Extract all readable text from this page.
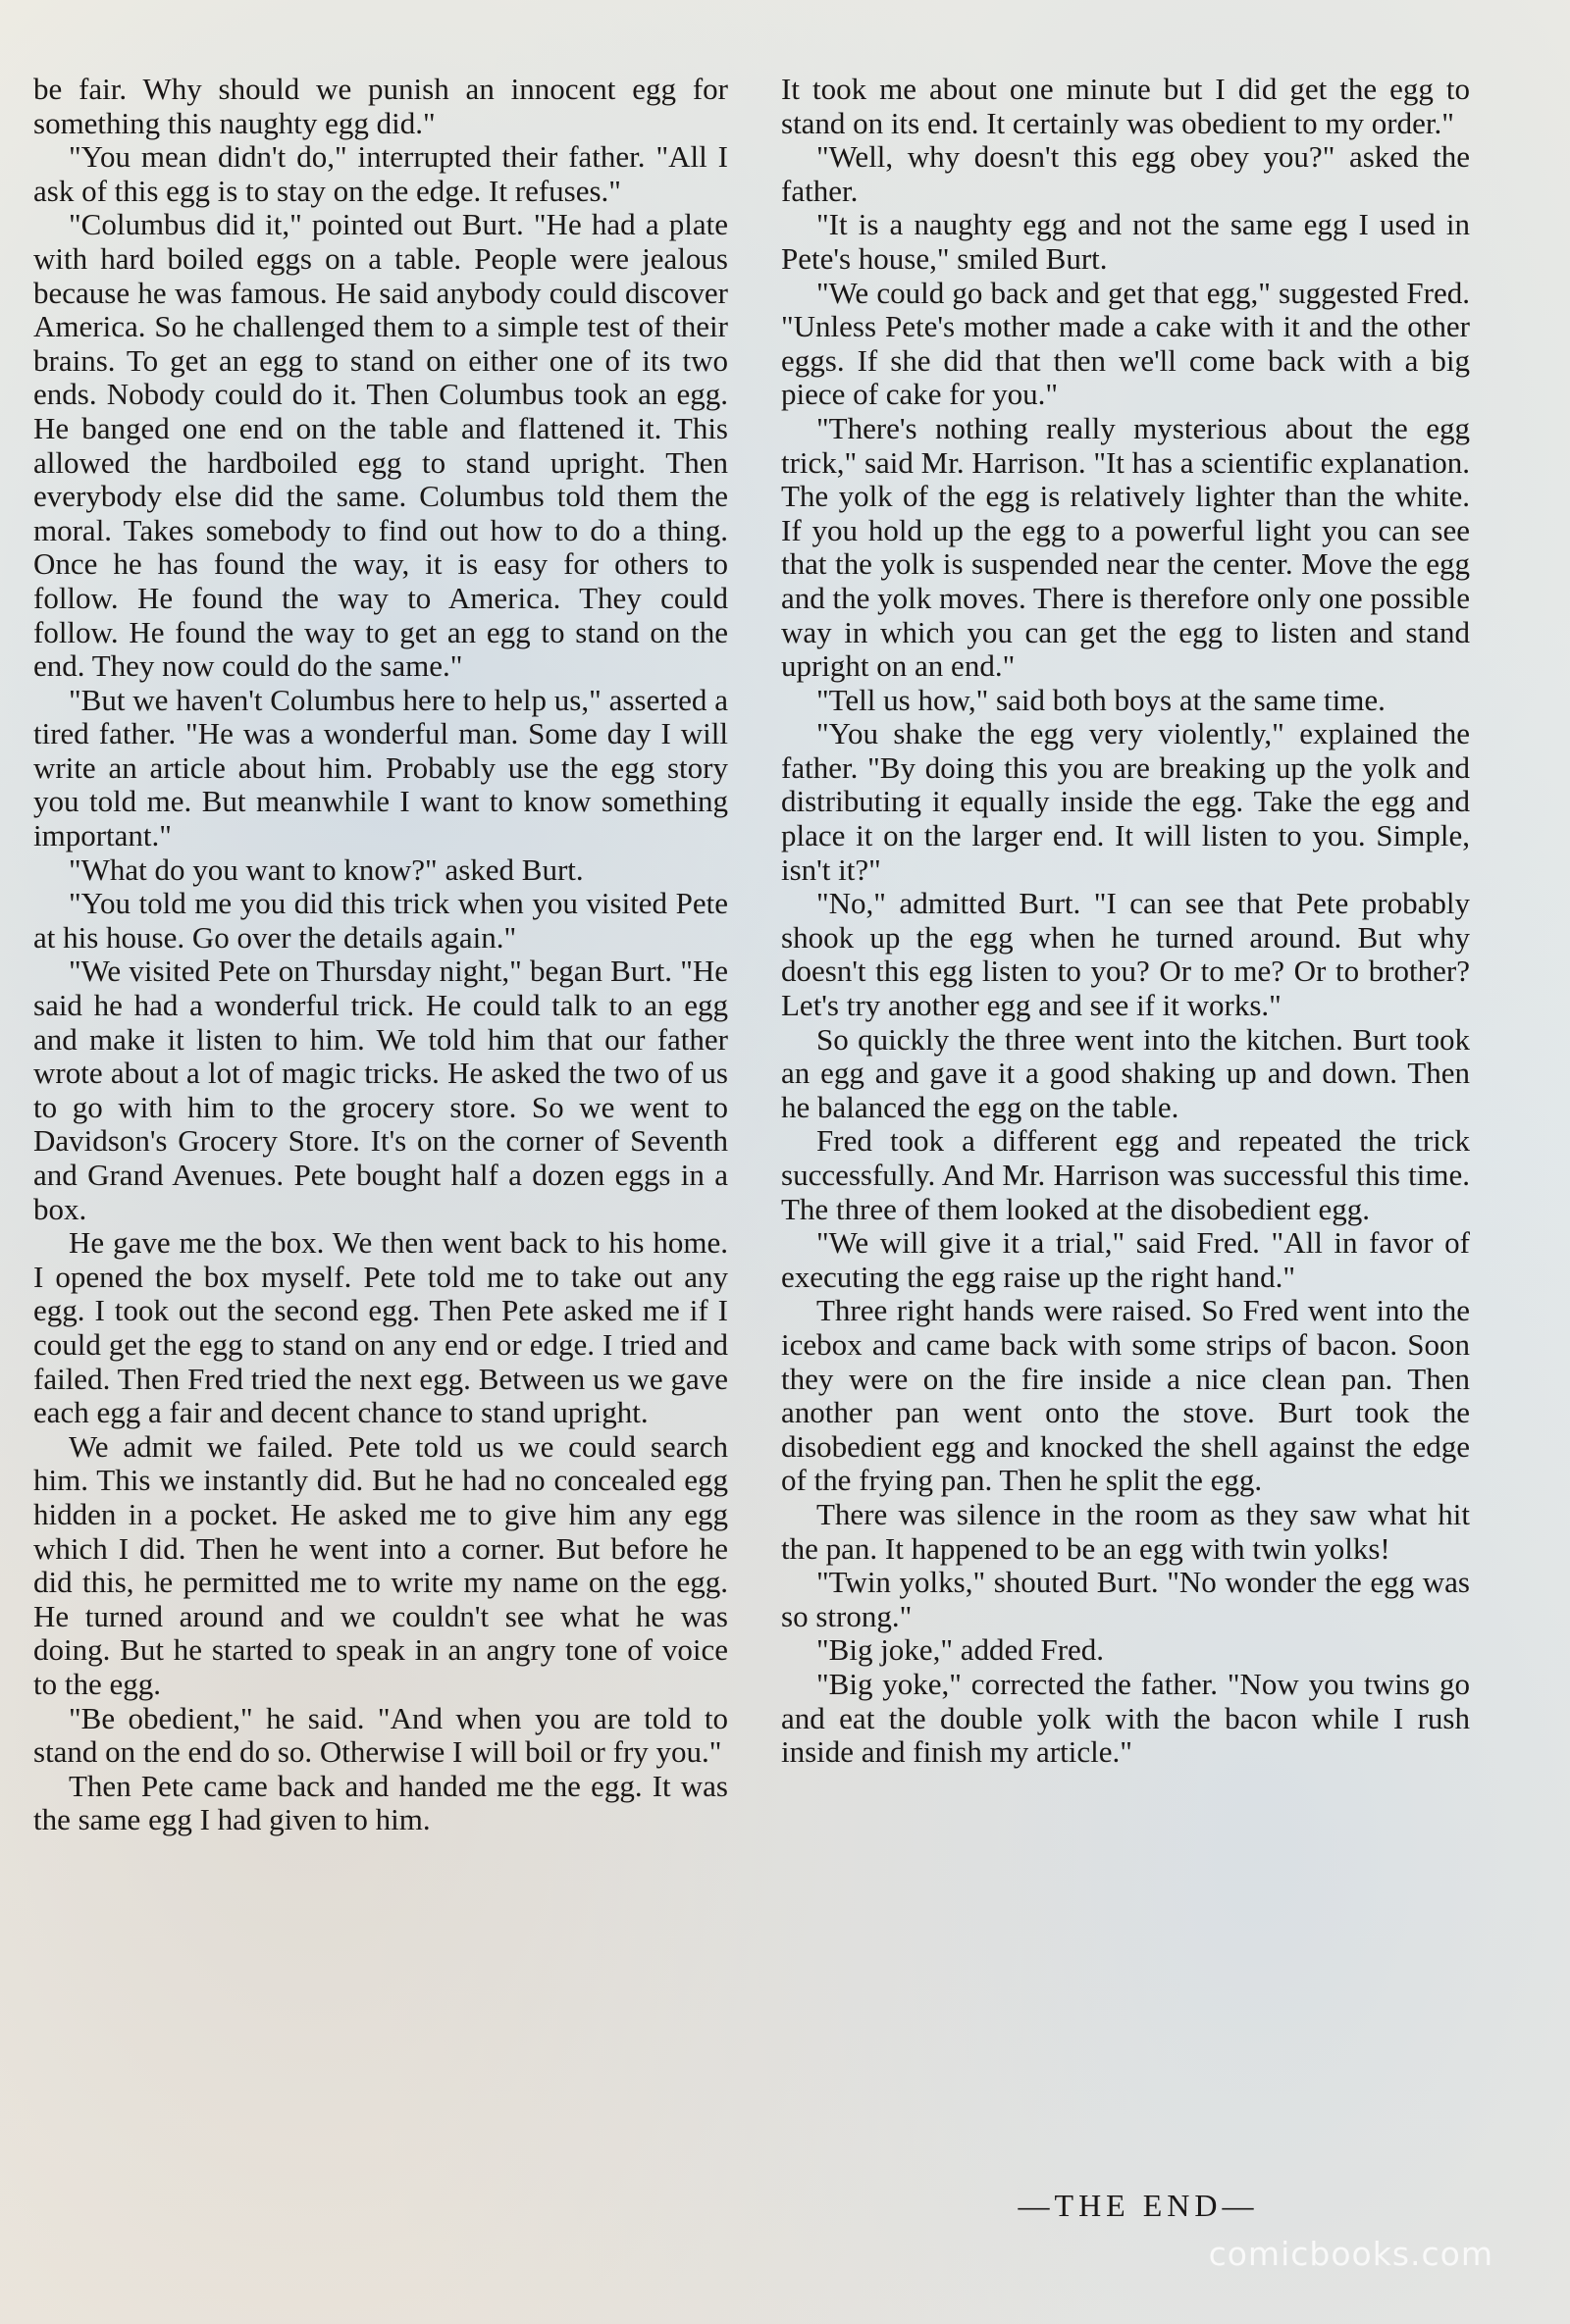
be fair. Why should we punish an innocent egg for something this naughty egg did."

"You mean didn't do," interrupted their father. "All I ask of this egg is to stay on the edge. It refuses."

"Columbus did it," pointed out Burt. "He had a plate with hard boiled eggs on a table. People were jealous because he was famous. He said anybody could discover America. So he challenged them to a simple test of their brains. To get an egg to stand on either one of its two ends. Nobody could do it. Then Columbus took an egg. He banged one end on the table and flattened it. This allowed the hardboiled egg to stand upright. Then everybody else did the same. Columbus told them the moral. Takes somebody to find out how to do a thing. Once he has found the way, it is easy for others to follow. He found the way to America. They could follow. He found the way to get an egg to stand on the end. They now could do the same."

"But we haven't Columbus here to help us," asserted a tired father. "He was a wonderful man. Some day I will write an article about him. Probably use the egg story you told me. But meanwhile I want to know something important."

"What do you want to know?" asked Burt.

"You told me you did this trick when you visited Pete at his house. Go over the details again."

"We visited Pete on Thursday night," began Burt. "He said he had a wonderful trick. He could talk to an egg and make it listen to him. We told him that our father wrote about a lot of magic tricks. He asked the two of us to go with him to the grocery store. So we went to Davidson's Grocery Store. It's on the corner of Seventh and Grand Avenues. Pete bought half a dozen eggs in a box.

He gave me the box. We then went back to his home. I opened the box myself. Pete told me to take out any egg. I took out the second egg. Then Pete asked me if I could get the egg to stand on any end or edge. I tried and failed. Then Fred tried the next egg. Between us we gave each egg a fair and decent chance to stand upright.

We admit we failed. Pete told us we could search him. This we instantly did. But he had no concealed egg hidden in a pocket. He asked me to give him any egg which I did. Then he went into a corner. But before he did this, he permitted me to write my name on the egg. He turned around and we couldn't see what he was doing. But he started to speak in an angry tone of voice to the egg.

"Be obedient," he said. "And when you are told to stand on the end do so. Otherwise I will boil or fry you."

Then Pete came back and handed me the egg. It was the same egg I had given to him.

It took me about one minute but I did get the egg to stand on its end. It certainly was obedient to my order."

"Well, why doesn't this egg obey you?" asked the father.

"It is a naughty egg and not the same egg I used in Pete's house," smiled Burt.

"We could go back and get that egg," suggested Fred. "Unless Pete's mother made a cake with it and the other eggs. If she did that then we'll come back with a big piece of cake for you."

"There's nothing really mysterious about the egg trick," said Mr. Harrison. "It has a scientific explanation. The yolk of the egg is relatively lighter than the white. If you hold up the egg to a powerful light you can see that the yolk is suspended near the center. Move the egg and the yolk moves. There is therefore only one possible way in which you can get the egg to listen and stand upright on an end."

"Tell us how," said both boys at the same time.

"You shake the egg very violently," explained the father. "By doing this you are breaking up the yolk and distributing it equally inside the egg. Take the egg and place it on the larger end. It will listen to you. Simple, isn't it?"

"No," admitted Burt. "I can see that Pete probably shook up the egg when he turned around. But why doesn't this egg listen to you? Or to me? Or to brother? Let's try another egg and see if it works."

So quickly the three went into the kitchen. Burt took an egg and gave it a good shaking up and down. Then he balanced the egg on the table.

Fred took a different egg and repeated the trick successfully. And Mr. Harrison was successful this time. The three of them looked at the disobedient egg.

"We will give it a trial," said Fred. "All in favor of executing the egg raise up the right hand."

Three right hands were raised. So Fred went into the icebox and came back with some strips of bacon. Soon they were on the fire inside a nice clean pan. Then another pan went onto the stove. Burt took the disobedient egg and knocked the shell against the edge of the frying pan. Then he split the egg.

There was silence in the room as they saw what hit the pan. It happened to be an egg with twin yolks!

"Twin yolks," shouted Burt. "No wonder the egg was so strong."

"Big joke," added Fred.

"Big yoke," corrected the father. "Now you twins go and eat the double yolk with the bacon while I rush inside and finish my article."

—THE END—
comicbooks.com
